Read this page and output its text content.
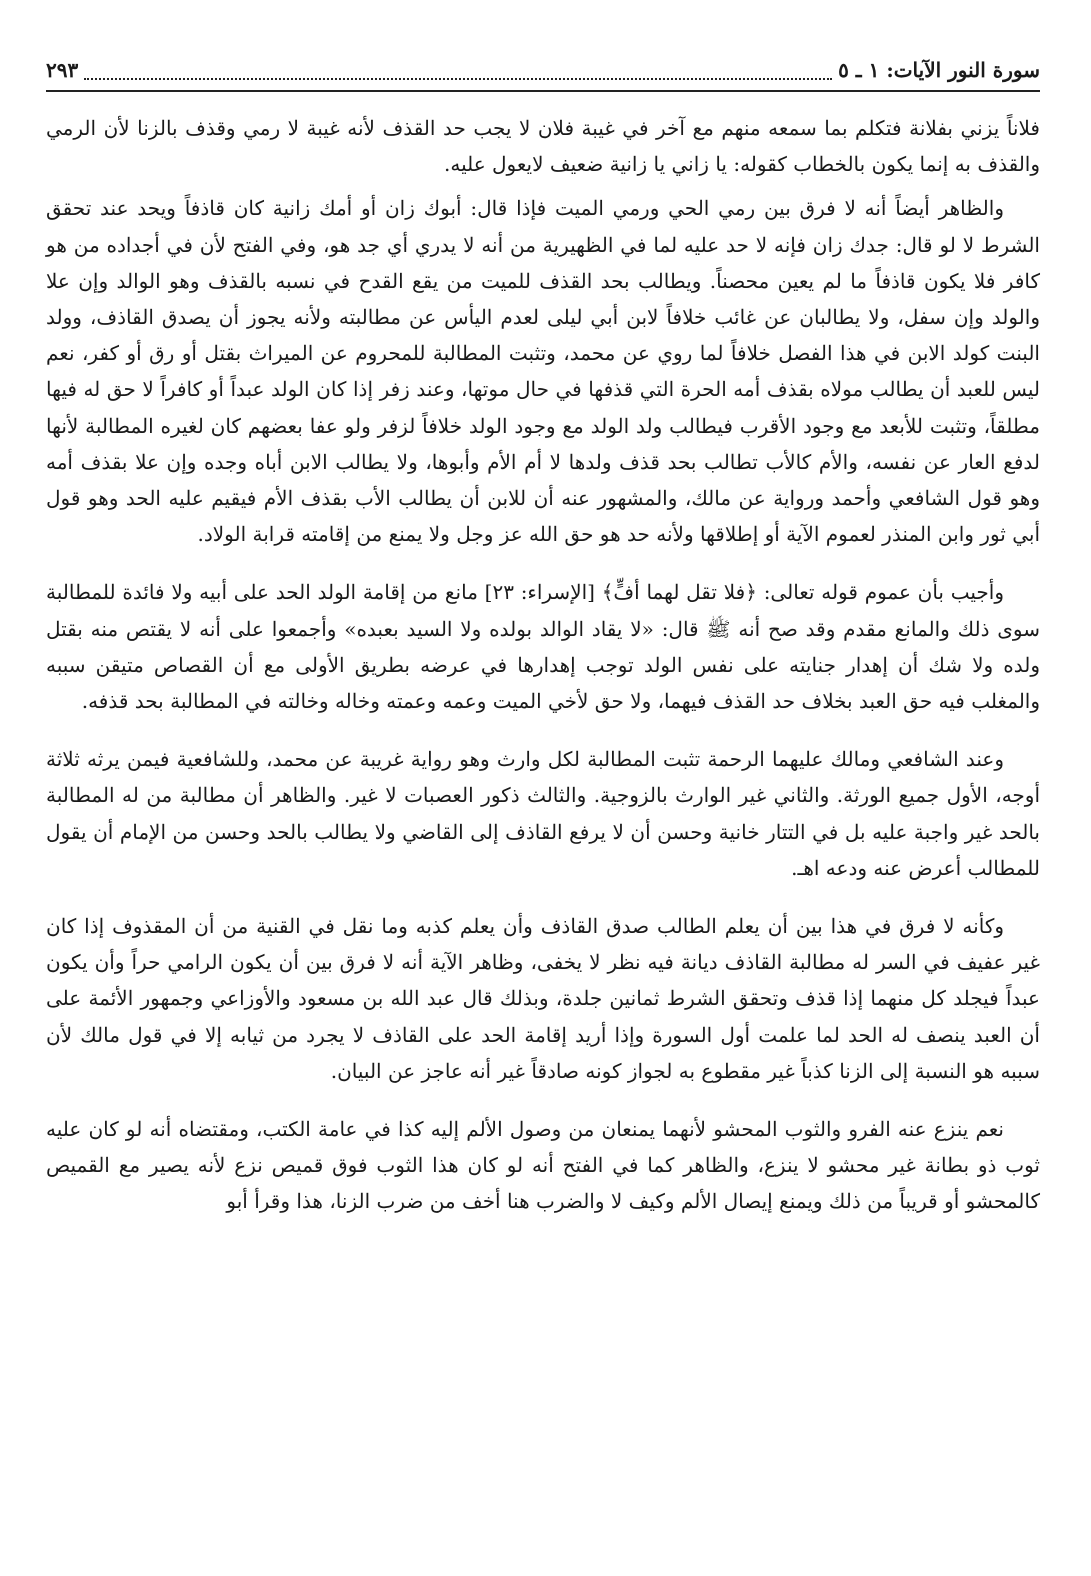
سورة النور الآيات: ١ ـ ٥
٢٩٣

فلاناً يزني بفلانة فتكلم بما سمعه منهم مع آخر في غيبة فلان لا يجب حد القذف لأنه غيبة لا رمي وقذف بالزنا لأن الرمي والقذف به إنما يكون بالخطاب كقوله: يا زاني يا زانية ضعيف لايعول عليه.

والظاهر أيضاً أنه لا فرق بين رمي الحي ورمي الميت فإذا قال: أبوك زان أو أمك زانية كان قاذفاً ويحد عند تحقق الشرط لا لو قال: جدك زان فإنه لا حد عليه لما في الظهيرية من أنه لا يدري أي جد هو، وفي الفتح لأن في أجداده من هو كافر فلا يكون قاذفاً ما لم يعين محصناً. ويطالب بحد القذف للميت من يقع القدح في نسبه بالقذف وهو الوالد وإن علا والولد وإن سفل، ولا يطالبان عن غائب خلافاً لابن أبي ليلى لعدم اليأس عن مطالبته ولأنه يجوز أن يصدق القاذف، وولد البنت كولد الابن في هذا الفصل خلافاً لما روي عن محمد، وتثبت المطالبة للمحروم عن الميراث بقتل أو رق أو كفر، نعم ليس للعبد أن يطالب مولاه بقذف أمه الحرة التي قذفها في حال موتها، وعند زفر إذا كان الولد عبداً أو كافراً لا حق له فيها مطلقاً، وتثبت للأبعد مع وجود الأقرب فيطالب ولد الولد مع وجود الولد خلافاً لزفر ولو عفا بعضهم كان لغيره المطالبة لأنها لدفع العار عن نفسه، والأم كالأب تطالب بحد قذف ولدها لا أم الأم وأبوها، ولا يطالب الابن أباه وجده وإن علا بقذف أمه وهو قول الشافعي وأحمد ورواية عن مالك، والمشهور عنه أن للابن أن يطالب الأب بقذف الأم فيقيم عليه الحد وهو قول أبي ثور وابن المنذر لعموم الآية أو إطلاقها ولأنه حد هو حق الله عز وجل ولا يمنع من إقامته قرابة الولاد.

وأجيب بأن عموم قوله تعالى: ﴿فلا تقل لهما أفٍّ﴾ [الإسراء: ٢٣] مانع من إقامة الولد الحد على أبيه ولا فائدة للمطالبة سوى ذلك والمانع مقدم وقد صح أنه ﷺ قال: «لا يقاد الوالد بولده ولا السيد بعبده» وأجمعوا على أنه لا يقتص منه بقتل ولده ولا شك أن إهدار جنايته على نفس الولد توجب إهدارها في عرضه بطريق الأولى مع أن القصاص متيقن سببه والمغلب فيه حق العبد بخلاف حد القذف فيهما، ولا حق لأخي الميت وعمه وعمته وخاله وخالته في المطالبة بحد قذفه.

وعند الشافعي ومالك عليهما الرحمة تثبت المطالبة لكل وارث وهو رواية غريبة عن محمد، وللشافعية فيمن يرثه ثلاثة أوجه، الأول جميع الورثة. والثاني غير الوارث بالزوجية. والثالث ذكور العصبات لا غير. والظاهر أن مطالبة من له المطالبة بالحد غير واجبة عليه بل في التتار خانية وحسن أن لا يرفع القاذف إلى القاضي ولا يطالب بالحد وحسن من الإمام أن يقول للمطالب أعرض عنه ودعه اهـ.

وكأنه لا فرق في هذا بين أن يعلم الطالب صدق القاذف وأن يعلم كذبه وما نقل في القنية من أن المقذوف إذا كان غير عفيف في السر له مطالبة القاذف ديانة فيه نظر لا يخفى، وظاهر الآية أنه لا فرق بين أن يكون الرامي حراً وأن يكون عبداً فيجلد كل منهما إذا قذف وتحقق الشرط ثمانين جلدة، وبذلك قال عبد الله بن مسعود والأوزاعي وجمهور الأئمة على أن العبد ينصف له الحد لما علمت أول السورة وإذا أريد إقامة الحد على القاذف لا يجرد من ثيابه إلا في قول مالك لأن سببه هو النسبة إلى الزنا كذباً غير مقطوع به لجواز كونه صادقاً غير أنه عاجز عن البيان.

نعم ينزع عنه الفرو والثوب المحشو لأنهما يمنعان من وصول الألم إليه كذا في عامة الكتب، ومقتضاه أنه لو كان عليه ثوب ذو بطانة غير محشو لا ينزع، والظاهر كما في الفتح أنه لو كان هذا الثوب فوق قميص نزع لأنه يصير مع القميص كالمحشو أو قريباً من ذلك ويمنع إيصال الألم وكيف لا والضرب هنا أخف من ضرب الزنا، هذا وقرأ أبو
